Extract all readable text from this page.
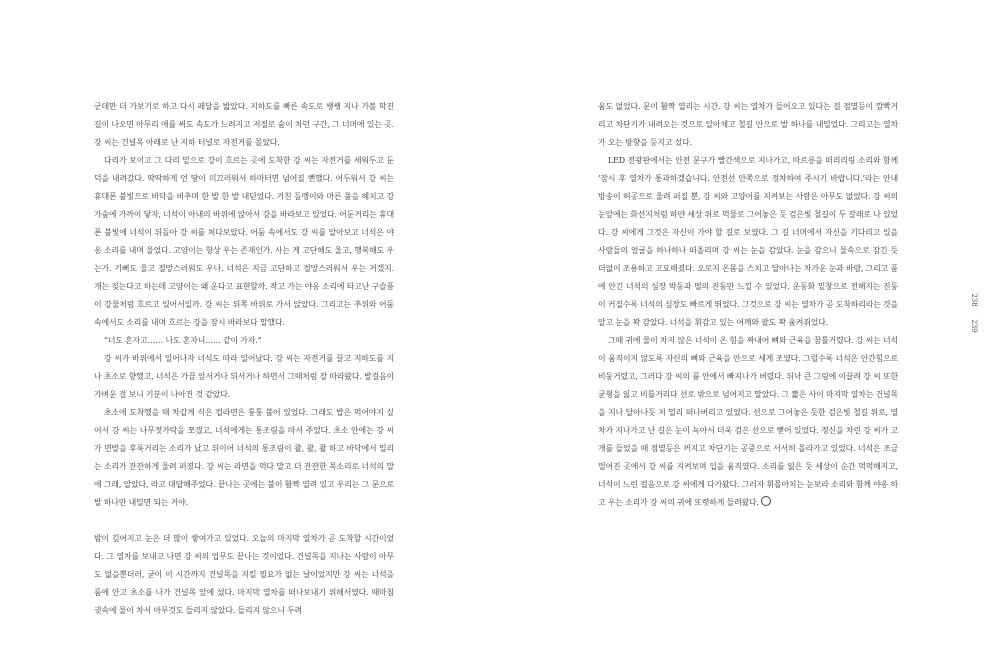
군데만 더 가보기로 하고 다시 페달을 밟았다. 지하도를 빠른 속도로 쌩쌩 지나 가볼 막진 길이 나오면 아무리 애를 써도 속도가 느려지고 저절로 숨이 차던 구간, 그 너머에 있는 곳. 강 씨는 건널목 아래로 난 지하 터널로 자전거를 몰았다.

다리가 보이고 그 다리 밑으로 강이 흐르는 곳에 도착한 강 씨는 자전거를 세워두고 둔덕을 내려갔다. 딱딱하게 언 땅이 미끄러워서 하마터면 넘어질 뻔했다. 어두워서 강 씨는 휴대폰 불빛으로 바닥을 비추며 한 발 한 발 내딛었다. 거친 돌멩이와 마른 풀을 헤치고 강가숲에 가까이 닿자, 너석이 아내의 바위에 앉아서 강을 바라보고 있었다. 어둔거리는 휴대폰 불빛에 너석이 뒤돌아 강 씨를 쳐다보았다. 어둠 속에서도 강 씨를 알아보고 너석은 야옹 소리를 내며 울었다. 고양이는 항상 우는 존재인가. 사는 게 고단해도 울고, 행복해도 우는가. 기뻐도 울고 절망스러워도 우나. 너석은 지금 고단하고 절망스러워서 우는 거겠지. 개는 짖는다고 하는데 고양이는 왜 운다고 표현할까. 작고 가는 야옹 소리에 타고난 구슬픔이 강물처럼 흐르고 있어서일까. 강 씨는 뒤쪽 바위로 가서 앉았다. 그리고는 추위와 어둠 속에서도 소리를 내며 흐르는 강을 잠시 바라보다 말했다.

“너도 혼자고…… 나도 혼자니…… 같이 가자.”

강 씨가 바위에서 일어나자 너석도 따라 일어났다. 강 씨는 자전거를 끌고 지하도를 지나 초소로 향했고, 너석은 가끔 앞서거나 뒤서거나 하면서 그때처럼 잘 따라왔다. 발걸음이 가벼운 걸 보니 기분이 나아진 것 같았다.

초소에 도착했을 때 차갑게 식은 컵라면은 퉁퉁 불어 있었다. 그래도 밥은 먹어야지 싶어서 강 씨는 나무젓가락을 쪼갰고, 너석에게는 통조림을 따서 주었다. 초소 안에는 강 씨가 면발을 후룩거리는 소리가 났고 뒤이어 너석의 통조림이 콸, 콸, 콸 하고 바닥에서 밀리는 소리가 잔잔하게 울려 퍼졌다. 강 씨는 라면을 먹다 말고 더 잔잔한 목소리로 너석의 말에 그래, 알았다, 라고 대답해주었다. 끝나는 곳에는 불이 활짝 열려 있고 우리는 그 문으로 발 하나만 내밀면 되는 거야.

밤이 깊어지고 눈은 더 많이 쌓여가고 있었다. 오늘의 마지막 열차가 곧 도착할 시간이었다. 그 열차를 보내고 나면 강 씨의 업무도 끝나는 것이었다. 건널목을 지나는 사람이 아무도 없을뿐더러, 굳이 이 시간까지 건널목을 지킬 필요가 없는 날이었지만 강 씨는 너석을 품에 안고 초소를 나가 건널목 앞에 섰다. 마지막 열차를 떠나보내기 위해서였다. 때마침 귓속에 물이 차서 아무것도 들리지 않았다. 들리지 않으니 두려

움도 없었다. 문이 활짝 열리는 시간. 강 씨는 열차가 들어오고 있다는 걸 점멸등이 깜빡거리고 차단기가 내려오는 것으로 알아채고 철길 안으로 발 하나를 내밀었다. 그리고는 열차가 오는 방향을 등지고 섰다.

LED 전광판에서는 안전 문구가 빨간색으로 지나가고, 따르릉을 떠리리링 소리와 함께 ‘잠시 후 열차가 통과하겠습니다. 안전선 안쪽으로 정차하여 주시기 바랍니다.’라는 안내 방송이 허공으로 울려 퍼질 뿐, 강 씨와 고양이를 지켜보는 사람은 아무도 없었다. 강 씨의 눈앞에는 화선지처럼 하얀 세상 위로 먹물로 그어놓은 듯 검은빛 철길이 두 갈래로 나 있었다. 강 씨에게 그것은 자신이 가야 할 길로 보였다. 그 길 너머에서 자신을 기다리고 있을 사람들의 얼굴을 하나하나 떠올리며 강 씨는 눈을 감았다. 눈을 감으니 물속으로 잠긴 듯 더없이 조용하고 고요해졌다. 오로지 온몸을 스치고 달아나는 차가운 눈과 바람, 그리고 품에 안긴 너석의 심장 박동과 떨의 진동만 느낄 수 있었다. 운동화 밑창으로 전해지는 진동이 커질수록 너석의 심장도 빠르게 뛰었다. 그것으로 강 씨는 열차가 곧 도착하리라는 것을 알고 눈을 꽉 감았다. 너석을 휘감고 있는 어깨와 팔도 꽉 움켜쥐었다.

그때 귀에 물이 차지 않은 너석이 온 힘을 짜내어 뼈와 근육을 꿈틀거렸다. 강 씨는 너석이 움직이지 않도록 자신의 뼈와 근육을 안으로 세게 조였다. 그럴수록 너석은 안간힘으로 비둥거렸고, 그러다 강 씨의 품 안에서 빠져나가 버렸다. 뒤낙 큰 그림에 이끌려 강 씨 또한 균형을 잃고 비틀거리다 선로 밖으로 넘어지고 말았다. 그 짧은 사이 마지막 열차는 건널목을 지나 달아나듯 저 멀리 떠나버리고 있었다. 선으로 그어놓은 듯한 검은빛 철길 위로, 열차가 지나가고 난 길은 눈이 녹아서 더욱 검은 선으로 뻗어 있었다. 정신을 차린 강 씨가 고개를 들었을 때 점멸등은 꺼지고 차단기는 공중으로 서서히 올라가고 있었다. 너석은 조금 떨어진 곳에서 강 씨를 지켜보며 입을 움직였다. 소리를 잃은 듯 세상이 순간 먹먹해지고, 너석이 느린 걸음으로 강 씨에게 다가왔다. 그러자 휘몰아치는 눈보라 소리와 함께 야옹 하고 우는 소리가 강 씨의 귀에 또렷하게 들려왔다.

238
239
